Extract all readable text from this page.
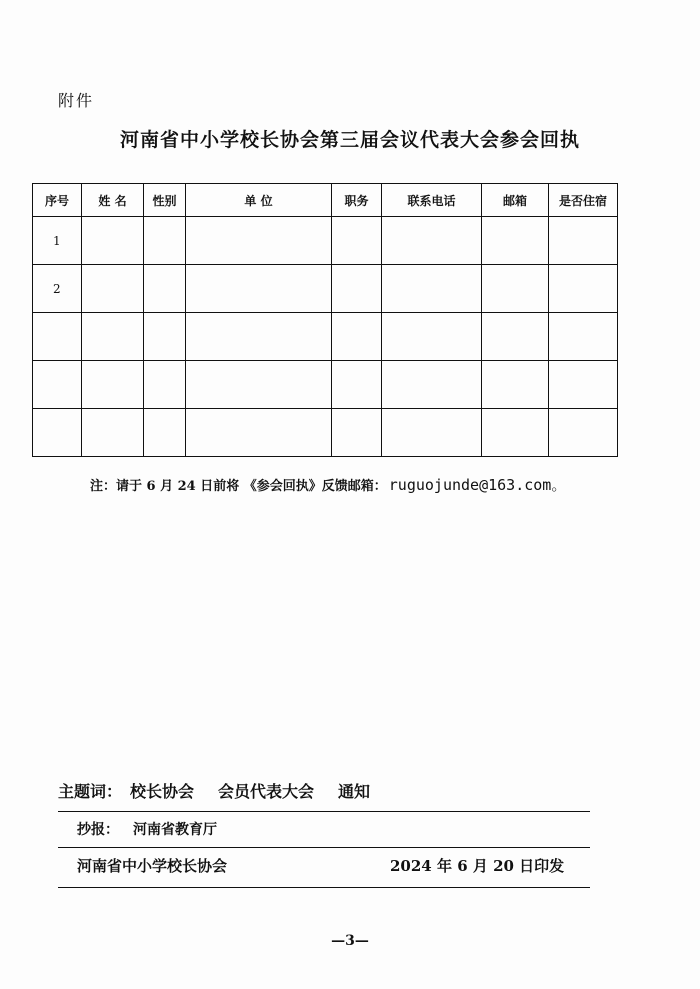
附件
河南省中小学校长协会第三届会议代表大会参会回执
序号	姓 名	性别	单 位	职务	联系电话	邮箱	是否住宿
1							
2							

注：请于 6 月 24 日前将 《参会回执》反馈邮箱： ruguojunde@163.com。
主题词： 校长协会 会员代表大会 通知
抄报： 河南省教育厅
河南省中小学校长协会	2024 年 6 月 20 日印发
—3—
